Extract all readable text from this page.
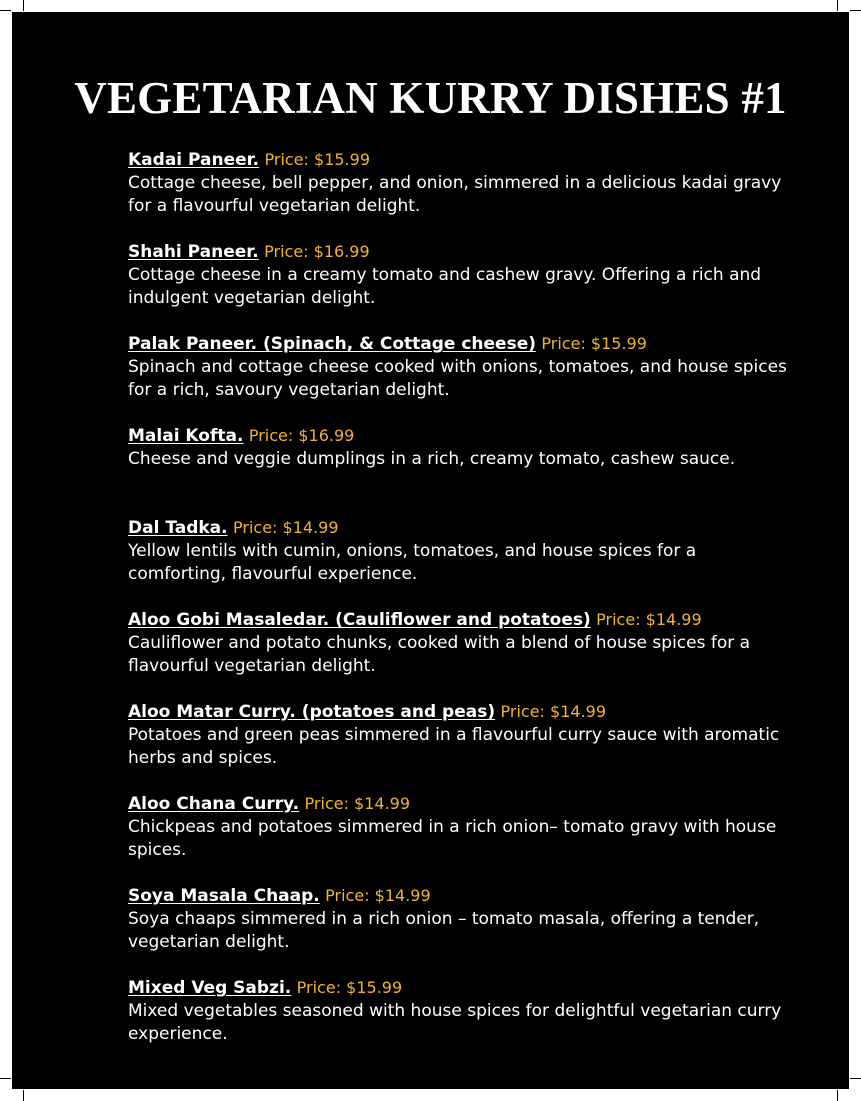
VEGETARIAN KURRY DISHES #1
Kadai Paneer. Price: $15.99
Cottage cheese, bell pepper, and onion, simmered in a delicious kadai gravy for a flavourful vegetarian delight.
Shahi Paneer. Price: $16.99
Cottage cheese in a creamy tomato and cashew gravy. Offering a rich and indulgent vegetarian delight.
Palak Paneer. (Spinach, & Cottage cheese) Price: $15.99
Spinach and cottage cheese cooked with onions, tomatoes, and house spices for a rich, savoury vegetarian delight.
Malai Kofta. Price: $16.99
Cheese and veggie dumplings in a rich, creamy tomato, cashew sauce.
Dal Tadka. Price: $14.99
Yellow lentils with cumin, onions, tomatoes, and house spices for a comforting, flavourful experience.
Aloo Gobi Masaledar. (Cauliflower and potatoes) Price: $14.99
Cauliflower and potato chunks, cooked with a blend of house spices for a flavourful vegetarian delight.
Aloo Matar Curry. (potatoes and peas) Price: $14.99
Potatoes and green peas simmered in a flavourful curry sauce with aromatic herbs and spices.
Aloo Chana Curry. Price: $14.99
Chickpeas and potatoes simmered in a rich onion– tomato gravy with house spices.
Soya Masala Chaap. Price: $14.99
Soya chaaps simmered in a rich onion – tomato masala, offering a tender, vegetarian delight.
Mixed Veg Sabzi. Price: $15.99
Mixed vegetables seasoned with house spices for delightful vegetarian curry experience.
